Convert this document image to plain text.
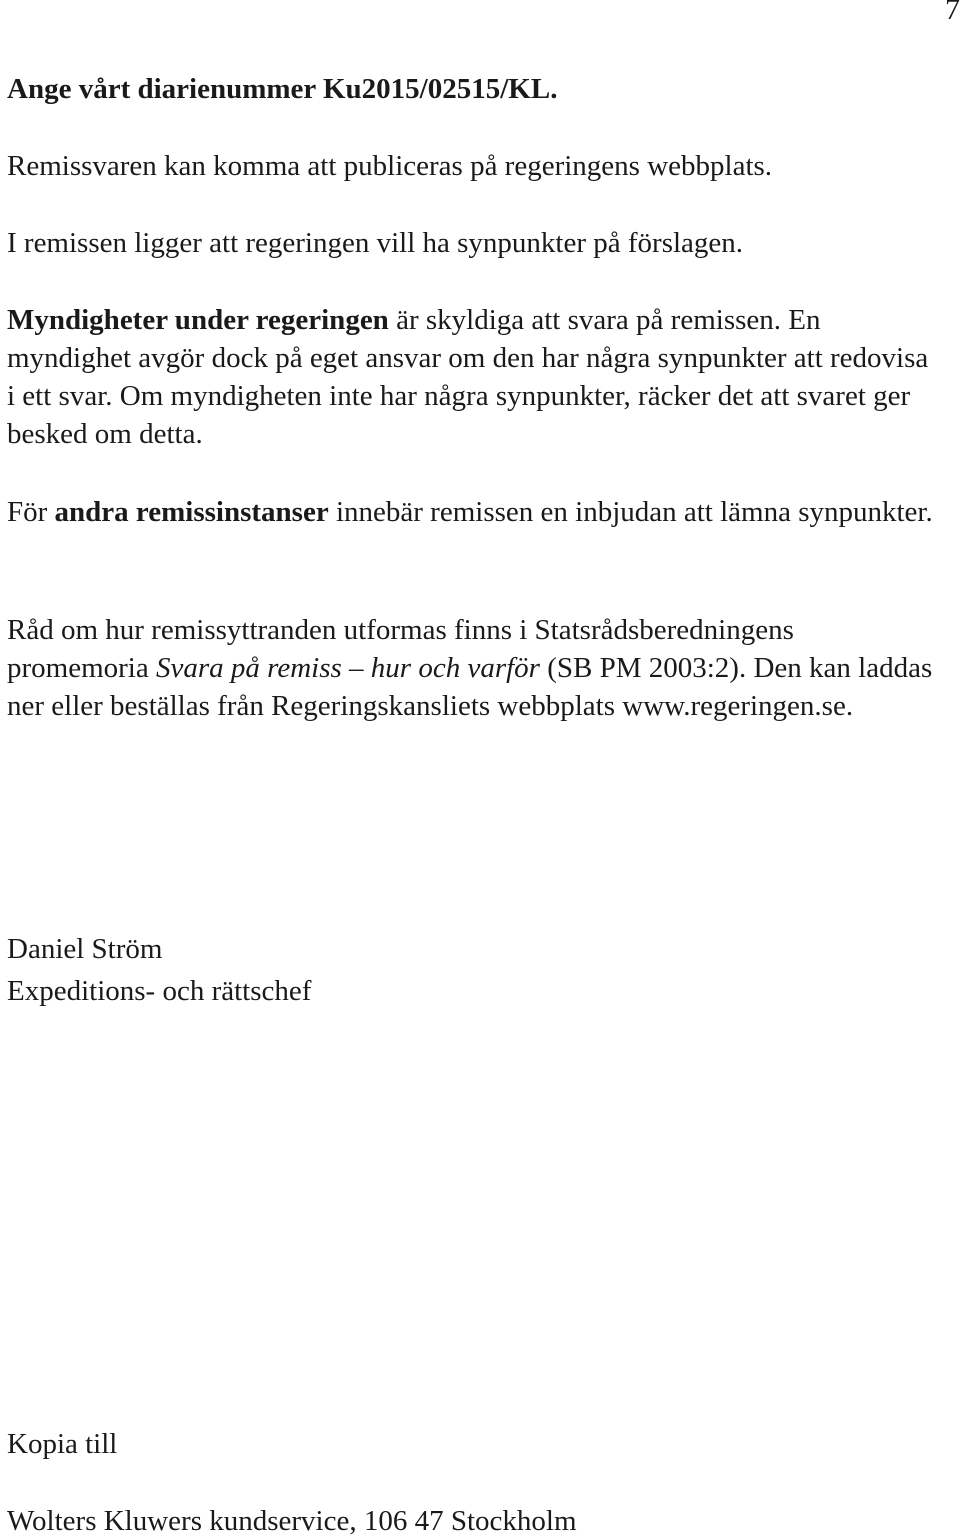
7

Ange vårt diarienummer Ku2015/02515/KL.

Remissvaren kan komma att publiceras på regeringens webbplats.

I remissen ligger att regeringen vill ha synpunkter på förslagen.

Myndigheter under regeringen är skyldiga att svara på remissen. En myndighet avgör dock på eget ansvar om den har några synpunkter att redovisa i ett svar. Om myndigheten inte har några synpunkter, räcker det att svaret ger besked om detta.

För andra remissinstanser innebär remissen en inbjudan att lämna synpunkter.

Råd om hur remissyttranden utformas finns i Statsrådsberedningens promemoria Svara på remiss – hur och varför (SB PM 2003:2). Den kan laddas ner eller beställas från Regeringskansliets webbplats www.regeringen.se.

Daniel Ström

Expeditions- och rättschef

Kopia till

Wolters Kluwers kundservice, 106 47 Stockholm
